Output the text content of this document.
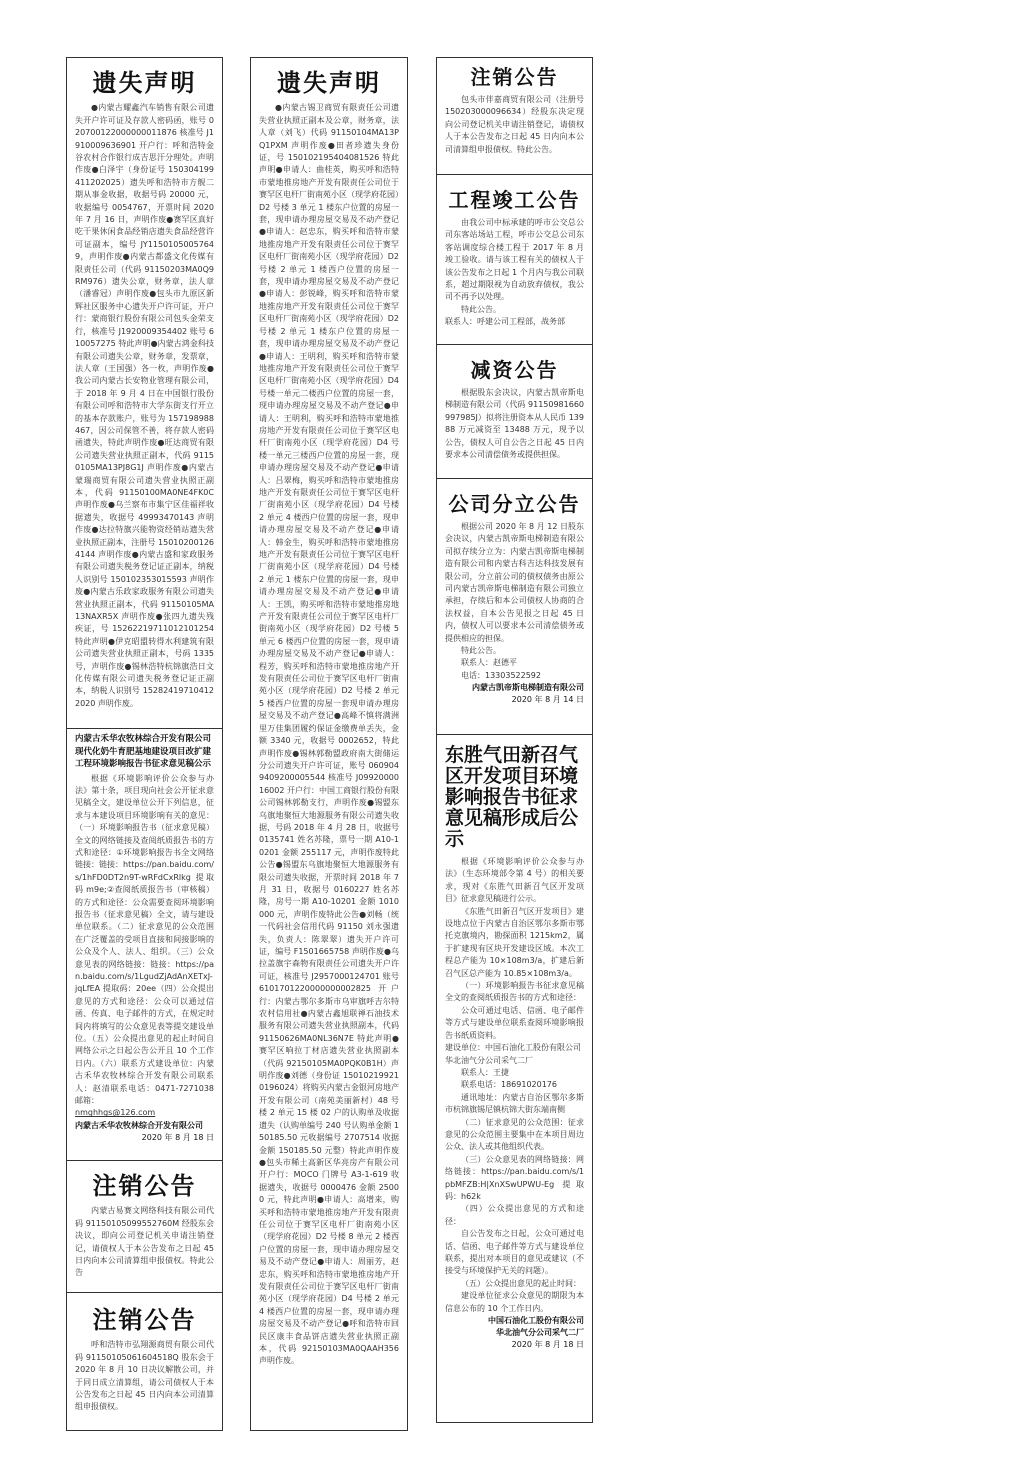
遗失声明

●内蒙古耀鑫汽车销售有限公司遗失开户许可证及存款人密码函，账号 020700122000000011876 核准号 J1910009636901 开户行：呼和浩特金谷农村合作银行成吉思汗分理处。声明作废●白泽宇（身份证号 150304199411202025）遗失呼和浩特市方舰二期从事金收据，收据号码 20000 元，收据编号 0054767，开票时间 2020 年 7 月 16 日，声明作废●赛罕区真好吃干果休闲食品经销店遗失食品经营许可证副本，编号 JY11501050057649，声明作废●内蒙古都盛文化传媒有限责任公司（代码 91150203MA0Q9RM976）遗失公章，财务章，法人章（潘睿冠）声明作废●包头市九原区新辉社区服务中心遗失开户许可证，开户行：蒙商银行股份有限公司包头金荣支行，核准号 J1920009354402 账号 610057275 特此声明●内蒙古鸿金科技有限公司遗失公章，财务章，发票章，法人章（王国强）各一枚，声明作废●我公司内蒙古长安物业管理有限公司，于 2018 年 9 月 4 日在中国银行股份有限公司呼和浩特市大学东街支行开立的基本存款账户，账号为 157198988467，因公司保管不善，将存款人密码函遗失，特此声明作废●旺达商贸有限公司遗失营业执照正副本，代码 91150105MA13PJ8G1J 声明作废●内蒙古蒙瑞商贸有限公司遗失营业执照正副本，代码 91150100MA0NE4FK0C 声明作废●乌兰察布市集宁区佳福祥收据遗失，收据号 49993470143 声明作废●达拉特旗兴能物资经销站遗失营业执照正副本，注册号 150102001264144 声明作废●内蒙古盛和家政服务有限公司遗失税务登记证正副本，纳税人识别号 150102353015593 声明作废●内蒙古乐政家政服务有限公司遗失营业执照正副本，代码 91150105MA13NAXR5X 声明作废●张四九遗失残疾证，号 15262219711012101254 特此声明●伊克昭盟转得水利建筑有限公司遗失营业执照正副本，号码 1335 号，声明作废●锡林浩特杭锦旗浩日文化传媒有限公司遗失税务登记证正副本，纳税人识别号 15282419710412 2020 声明作废。

内蒙古禾华农牧林综合开发有限公司现代化奶牛育肥基地建设项目改扩建工程环境影响报告书征求意见稿公示

根据《环境影响评价公众参与办法》第十条，项目现向社会公开征求意见稿全文，建设单位公开下列信息，征求与本建设项目环境影响有关的意见：（一）环境影响报告书（征求意见稿）全文的网络链接及查阅纸质报告书的方式和途径：①环境影响报告书全文网络链接：链接：https://pan.baidu.com/s/1hFD0DT2n9T-wRFdCxRlkg 提取码 m9e;②查阅纸质报告书（审核稿）的方式和途径：公众需要查阅环境影响报告书（征求意见稿）全文，请与建设单位联系。（二）征求意见的公众范围在广泛覆盖的受项目直接和间接影响的公众及个人、法人、组织。（三）公众意见表的网络链接：链接：https://pan.baidu.com/s/1LgudZjAdAnXETxJ-jqLfEA 提取码：20ee（四）公众提出意见的方式和途径：公众可以通过信函、传真、电子邮件的方式，在规定时间内将填写的公众意见表等提交建设单位。（五）公众提出意见的起止时间自网络公示之日起公告公开且 10 个工作日内。（六）联系方式建设单位：内蒙古禾华农牧林综合开发有限公司联系人：赵清联系电话：0471-7271038 邮箱：

nmghhgs@126.com

内蒙古禾华农牧林综合开发有限公司

2020 年 8 月 18 日

注销公告

内蒙古易赛文网络科技有限公司代码 91150105099552760M 经股东会决议，即向公司登记机关申请注销登记，请债权人于本公告发布之日起 45 日内向本公司清算组申报债权。特此公告

注销公告

呼和浩特市弘翔源商贸有限公司代码 91150105061604518Q 股东会于 2020 年 8 月 10 日决议解散公司，并于同日成立清算组，请公司债权人于本公告发布之日起 45 日内向本公司清算组申报债权。

遗失声明

●内蒙古锡卫商贸有限责任公司遗失营业执照正副本及公章，财务章，法人章（刘飞）代码 91150104MA13PQ1PXM 声明作废●田者珍遗失身份证，号 150102195404081526 特此声明●申请人：曲桂英，购买呼和浩特市蒙地推房地产开发有限责任公司位于赛罕区电杆厂街南苑小区（现学府花园）D2 号楼 3 单元 1 楼东户位置的房屋一套，现申请办理房屋交易及不动产登记●申请人：赵忠东，购买呼和浩特市蒙地推房地产开发有限责任公司位于赛罕区电杆厂街南苑小区（现学府花园）D2 号楼 2 单元 1 楼西户位置的房屋一套，现申请办理房屋交易及不动产登记●申请人：彭锐峰，购买呼和浩特市蒙地推房地产开发有限责任公司位于赛罕区电杆厂街南苑小区（现学府花园）D2 号楼 2 单元 1 楼东户位置的房屋一套，现申请办理房屋交易及不动产登记●申请人：王明利，购买呼和浩特市蒙地推房地产开发有限责任公司位于赛罕区电杆厂街南苑小区（现学府花园）D4 号楼一单元二楼西户位置的房屋一套，现申请办理房屋交易及不动产登记●申请人：王明利，购买呼和浩特市蒙地推房地产开发有限责任公司位于赛罕区电杆厂街南苑小区（现学府花园）D4 号楼一单元三楼西户位置的房屋一套，现申请办理房屋交易及不动产登记●申请人：吕翠梅，购买呼和浩特市蒙地推房地产开发有限责任公司位于赛罕区电杆厂街南苑小区（现学府花园）D4 号楼 2 单元 4 楼西户位置的房屋一套，现申请办理房屋交易及不动产登记●申请人：韩金生，购买呼和浩特市蒙地推房地产开发有限责任公司位于赛罕区电杆厂街南苑小区（现学府花园）D4 号楼 2 单元 1 楼东户位置的房屋一套，现申请办理房屋交易及不动产登记●申请人：王凯，购买呼和浩特市蒙地推房地产开发有限责任公司位于赛罕区电杆厂街南苑小区（现学府花园）D2 号楼 5 单元 6 楼西户位置的房屋一套，现申请办理房屋交易及不动产登记●申请人：程芳，购买呼和浩特市蒙地推房地产开发有限责任公司位于赛罕区电杆厂街南苑小区（现学府花园）D2 号楼 2 单元 5 楼西户位置的房屋一套现申请办理房屋交易及不动产登记●高峰不慎将满洲里万佳集团履约保证金缴费单丢失，金额 3340 元，收据号 0002652，特此声明作废●锡林郭勒盟政府南大街储运分公司遗失开户许可证，账号 0609049409200005544 核准号 J0992000016002 开户行：中国工商银行股份有限公司锡林郭勒支行，声明作废●锡盟东乌旗地聚恒大地源服务有限公司遗失收据，号码 2018 年 4 月 28 日，收据号 0135741 姓名苏隆，票号一期 A10-10201 金额 255117 元，声明作废特此公告●锡盟东乌旗地聚恒大地源服务有限公司遗失收据，开票时间 2018 年 7 月 31 日，收据号 0160227 姓名苏隆，房号一期 A10-10201 金额 1010000 元，声明作废特此公告●刘畅（统一代码社会信用代码 91150 刘永强遗失，负责人：陈翠翠）遗失开户许可证，编号 F1501665758 声明作废●乌拉盖旗宇森物有限责任公司遗失开户许可证，核准号 J2957000124701 账号 6101701220000000002825 开户行：内蒙古鄂尔多斯市乌审旗呼吉尔特农村信用社●内蒙古鑫旭联禅石油技术服务有限公司遗失营业执照副本，代码 91150626MA0NL36N7E 特此声明●赛罕区响拉丁材店遗失营业执照副本（代码 92150105MA0PQK0B1H）声明作废●刘德（身份证 150102199210196024）将购买内蒙古金银河房地产开发有限公司（南苑美丽新村）48 号楼 2 单元 15 楼 02 户的认购单及收据遗失（认购单编号 240 号认购单金额 150185.50 元收据编号 2707514 收据金额 150185.50 元整）特此声明作废●包头市稀土高新区华亮房产有限公司开户行：MOCO 门牌号 A3-1-619 收据遗失，收据号 0000476 金额 25000 元，特此声明●申请人：高增来，购买呼和浩特市蒙地推房地产开发有限责任公司位于赛罕区电杆厂街南苑小区（现学府花园）D2 号楼 8 单元 2 楼西户位置的房屋一套，现申请办理房屋交易及不动产登记●申请人：周丽芳，赵忠东，购买呼和浩特市蒙地推房地产开发有限责任公司位于赛罕区电杆厂街南苑小区（现学府花园）D4 号楼 2 单元 4 楼西户位置的房屋一套，现申请办理房屋交易及不动产登记●呼和浩特市回民区康丰食品饼店遗失营业执照正副本，代码 92150103MA0QAAH356 声明作废。

注销公告

包头市伴嘉商贸有限公司（注册号 150203000096634）经股东决定现向公司登记机关申请注销登记，请债权人于本公告发布之日起 45 日内向本公司清算组申报债权。特此公告。

工程竣工公告

由我公司中标承建的呼市公交总公司东客站场站工程，呼市公交总公司东客站调度综合楼工程于 2017 年 8 月竣工验收。请与该工程有关的债权人于该公告发布之日起 1 个月内与我公司联系，超过期限视为自动放弃债权，我公司不再予以处理。

特此公告。

联系人：呼建公司工程部，战务部

减资公告

根据股东会决议，内蒙古凯帝斯电梯制造有限公司（代码 91150981660997985J）拟将注册资本从人民币 13988 万元减资至 13488 万元，现予以公告，债权人可自公告之日起 45 日内要求本公司清偿债务或提供担保。

公司分立公告

根据公司 2020 年 8 月 12 日股东会决议，内蒙古凯帝斯电梯制造有限公司拟存续分立为：内蒙古凯帝斯电梯制造有限公司和内蒙古科吉达科技发展有限公司，分立前公司的债权债务由原公司内蒙古凯帝斯电梯制造有限公司独立承担，存续后和本公司债权人协商的合法权益，自本公告见报之日起 45 日内，债权人可以要求本公司清偿债务或提供相应的担保。

特此公告。

联系人：赵德平

电话：13303522592

内蒙古凯帝斯电梯制造有限公司

2020 年 8 月 14 日

东胜气田新召气区开发项目环境影响报告书征求意见稿形成后公示

根据《环境影响评价公众参与办法》（生态环境部令第 4 号）的相关要求，现对《东胜气田新召气区开发项目》征求意见稿进行公示。

《东胜气田新召气区开发项目》建设地点位于内蒙古自治区鄂尔多斯市鄂托克旗境内，勘探面积 1215km2，属于扩建现有区块开发建设区域。本次工程总产能为 10×108m3/a，扩建后新召气区总产能为 10.85×108m3/a。

（一）环境影响报告书征求意见稿全文的查阅纸质报告书的方式和途径：

公众可通过电话、信函、电子邮件等方式与建设单位联系查阅环境影响报告书纸质资料。

建设单位：中国石油化工股份有限公司华北油气分公司采气二厂

联系人：王捷

联系电话：18691020176

通讯地址：内蒙古自治区鄂尔多斯市杭锦旗锡尼镇杭锦大街东端南侧

（二）征求意见的公众范围：征求意见的公众范围主要集中在本项目周边公众、法人或其他组织代表。

（三）公众意见表的网络链接：网络链接：https://pan.baidu.com/s/1pbMFZB:H|XnXSwUPWU-Eg 提取码：h62k

（四）公众提出意见的方式和途径：

自公告发布之日起，公众可通过电话、信函、电子邮件等方式与建设单位联系，提出对本项目的意见或建议（不接受与环境保护无关的问题）。

（五）公众提出意见的起止时间：

建设单位征求公众意见的期限为本信息公布的 10 个工作日内。

中国石油化工股份有限公司

华北油气分公司采气二厂

2020 年 8 月 18 日
